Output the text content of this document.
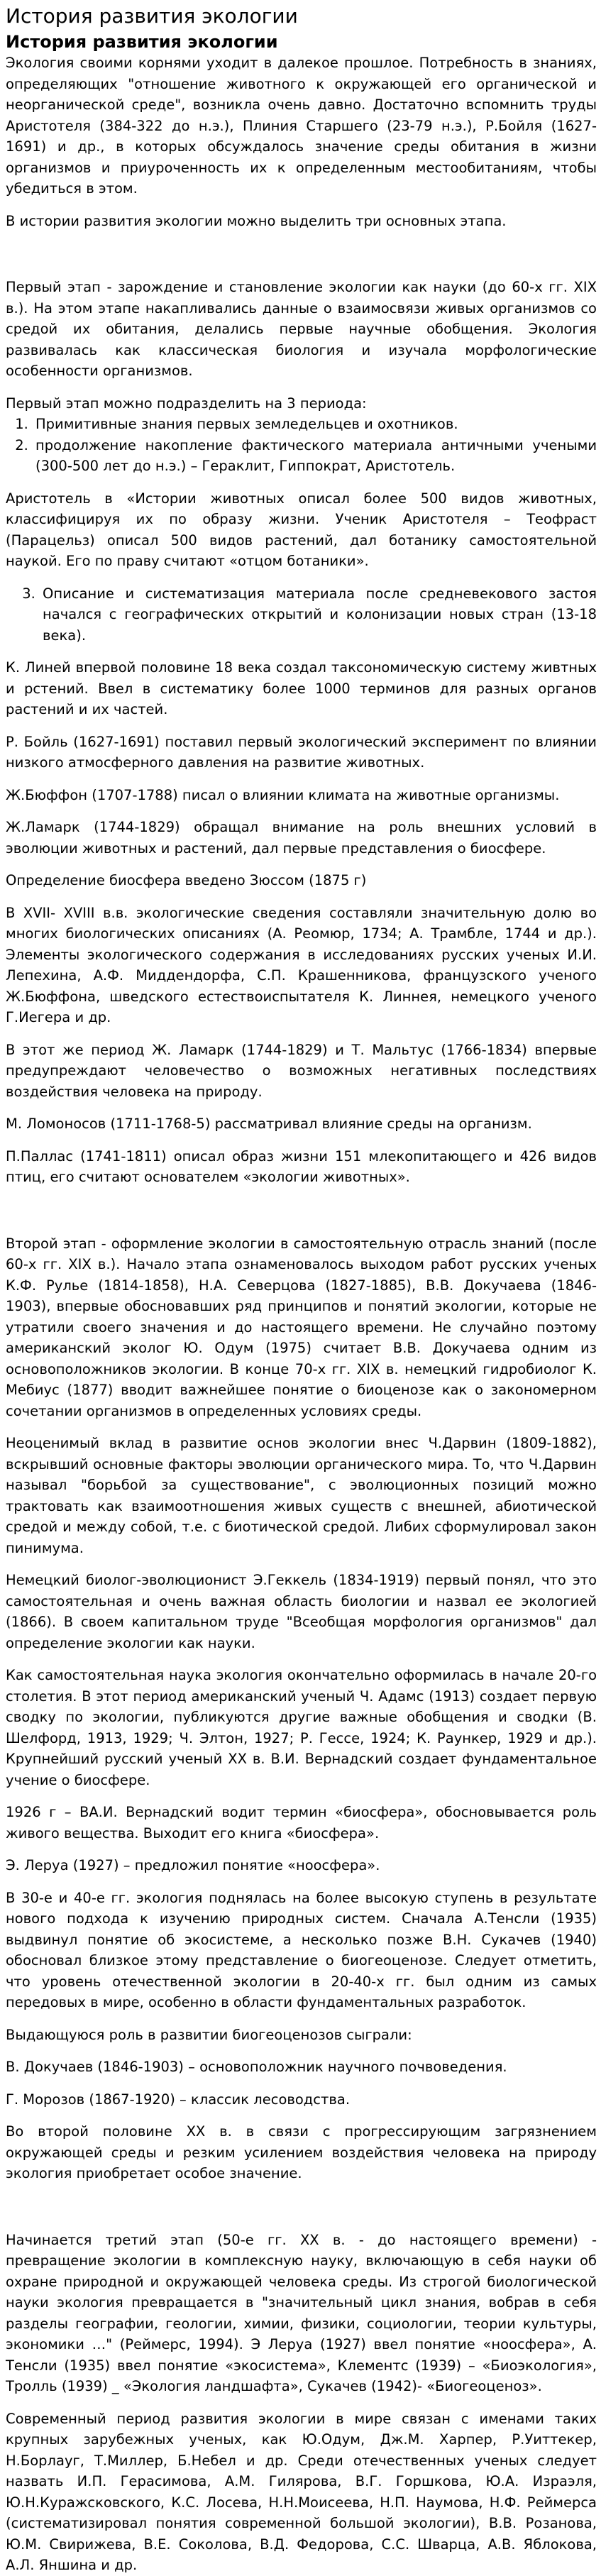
История развития экологии
История развития экологии

Экология своими корнями уходит в далекое прошлое. Потребность в знаниях, определяющих "отношение животного к окружающей его органической и неорганической среде", возникла очень давно. Достаточно вспомнить труды Аристотеля (384-322 до н.э.), Плиния Старшего (23-79 н.э.), Р.Бойля (1627-1691) и др., в которых обсуждалось значение среды обитания в жизни организмов и приуроченность их к определенным местообитаниям, чтобы убедиться в этом.

В истории развития экологии можно выделить три основных этапа.

Первый этап - зарождение и становление экологии как науки (до 60-х гг. XIX в.). На этом этапе накапливались данные о взаимосвязи живых организмов со средой их обитания, делались первые научные обобщения. Экология развивалась как классическая биология и изучала морфологические особенности организмов.

Первый этап можно подразделить на 3 периода:

1. Примитивные знания первых земледельцев и охотников.
2. продолжение накопление фактического материала античными учеными (300-500 лет до н.э.) – Гераклит, Гиппократ, Аристотель.

Аристотель в «Истории животных описал более 500 видов животных, классифицируя их по образу жизни. Ученик Аристотеля – Теофраст (Парацельз) описал 500 видов растений, дал ботанику самостоятельной наукой. Его по праву считают «отцом ботаники».

3. Описание и систематизация материала после средневекового застоя начался с географических открытий и колонизации новых стран (13-18 века).

К. Линей впервой половине 18 века создал таксономическую систему живтных и рстений. Ввел в систематику более 1000 терминов для разных органов растений и их частей.

Р. Бойль (1627-1691) поставил первый экологический эксперимент по влиянии низкого атмосферного давления на развитие животных.

Ж.Бюффон (1707-1788) писал о влиянии климата на животные организмы.

Ж.Ламарк (1744-1829) обращал внимание на роль внешних условий в эволюции животных и растений, дал первые представления о биосфере.

Определение биосфера введено Зюссом (1875 г)

В XVII- XVIII в.в. экологические сведения составляли значительную долю во многих биологических описаниях (А. Реомюр, 1734; А. Трамбле, 1744 и др.). Элементы экологического содержания в исследованиях русских ученых И.И. Лепехина, А.Ф. Миддендорфа, С.П. Крашенникова, французского ученого Ж.Бюффона, шведского естествоиспытателя К. Линнея, немецкого ученого Г.Иегера и др.

В этот же период Ж. Ламарк (1744-1829) и Т. Мальтус (1766-1834) впервые предупреждают человечество о возможных негативных последствиях воздействия человека на природу.

М. Ломоносов (1711-1768-5) рассматривал влияние среды на организм.

П.Паллас (1741-1811) описал образ жизни 151 млекопитающего и 426 видов птиц, его считают основателем «экологии животных».

Второй этап - оформление экологии в самостоятельную отрасль знаний (после 60-х гг. XIX в.). Начало этапа ознаменовалось выходом работ русских ученых К.Ф. Рулье (1814-1858), Н.А. Северцова (1827-1885), В.В. Докучаева (1846-1903), впервые обосновавших ряд принципов и понятий экологии, которые не утратили своего значения и до настоящего времени. Не случайно поэтому американский эколог Ю. Одум (1975) считает В.В. Докучаева одним из основоположников экологии. В конце 70-х гг. XIX в. немецкий гидробиолог К. Мебиус (1877) вводит важнейшее понятие о биоценозе как о закономерном сочетании организмов в определенных условиях среды.

Неоценимый вклад в развитие основ экологии внес Ч.Дарвин (1809-1882), вскрывший основные факторы эволюции органического мира. То, что Ч.Дарвин называл "борьбой за существование", с эволюционных позиций можно трактовать как взаимоотношения живых существ с внешней, абиотической средой и между собой, т.е. с биотической средой. Либих сформулировал закон пинимума.

Немецкий биолог-эволюционист Э.Геккель (1834-1919) первый понял, что это самостоятельная и очень важная область биологии и назвал ее экологией (1866). В своем капитальном труде "Всеобщая морфология организмов" дал определение экологии как науки.

Как самостоятельная наука экология окончательно оформилась в начале 20-го столетия. В этот период американский ученый Ч. Адамс (1913) создает первую сводку по экологии, публикуются другие важные обобщения и сводки (В. Шелфорд, 1913, 1929; Ч. Элтон, 1927; Р. Гессе, 1924; К. Раункер, 1929 и др.). Крупнейший русский ученый ХХ в. В.И. Вернадский создает фундаментальное учение о биосфере.

1926 г – ВА.И. Вернадский водит термин «биосфера», обосновывается роль живого вещества. Выходит его книга «биосфера».

Э. Леруа (1927) – предложил понятие «ноосфера».

В 30-е и 40-е гг. экология поднялась на более высокую ступень в результате нового подхода к изучению природных систем. Сначала А.Тенсли (1935) выдвинул понятие об экосистеме, а несколько позже В.Н. Сукачев (1940) обосновал близкое этому представление о биогеоценозе. Следует отметить, что уровень отечественной экологии в 20-40-х гг. был одним из самых передовых в мире, особенно в области фундаментальных разработок.

Выдающуюся роль в развитии биогеоценозов сыграли:

В. Докучаев (1846-1903) – основоположник научного почвоведения.

Г. Морозов (1867-1920) – классик лесоводства.

Во второй половине ХХ в. в связи с прогрессирующим загрязнением окружающей среды и резким усилением воздействия человека на природу экология приобретает особое значение.

Начинается третий этап (50-е гг. ХХ в. - до настоящего времени) - превращение экологии в комплексную науку, включающую в себя науки об охране природной и окружающей человека среды. Из строгой биологической науки экология превращается в "значительный цикл знания, вобрав в себя разделы географии, геологии, химии, физики, социологии, теории культуры, экономики …" (Реймерс, 1994). Э Леруа (1927) ввел понятие «ноосфера», А. Тенсли (1935) ввел понятие «экосистема», Клементс (1939) – «Биоэкология», Тролль (1939) _ «Экология ландшафта», Сукачев (1942)- «Биогеоценоз».

Современный период развития экологии в мире связан с именами таких крупных зарубежных ученых, как Ю.Одум, Дж.М. Харпер, Р.Уиттекер, Н.Борлауг, Т.Миллер, Б.Небел и др. Среди отечественных ученых следует назвать И.П. Герасимова, А.М. Гилярова, В.Г. Горшкова, Ю.А. Израэля, Ю.Н.Куражсковского, К.С. Лосева, Н.Н.Моисеева, Н.П. Наумова, Н.Ф. Реймерса (систематизировал понятия современной большой экологии), В.В. Розанова, Ю.М. Свирижева, В.Е. Соколова, В.Д. Федорова, С.С. Шварца, А.В. Яблокова, А.Л. Яншина и др.
